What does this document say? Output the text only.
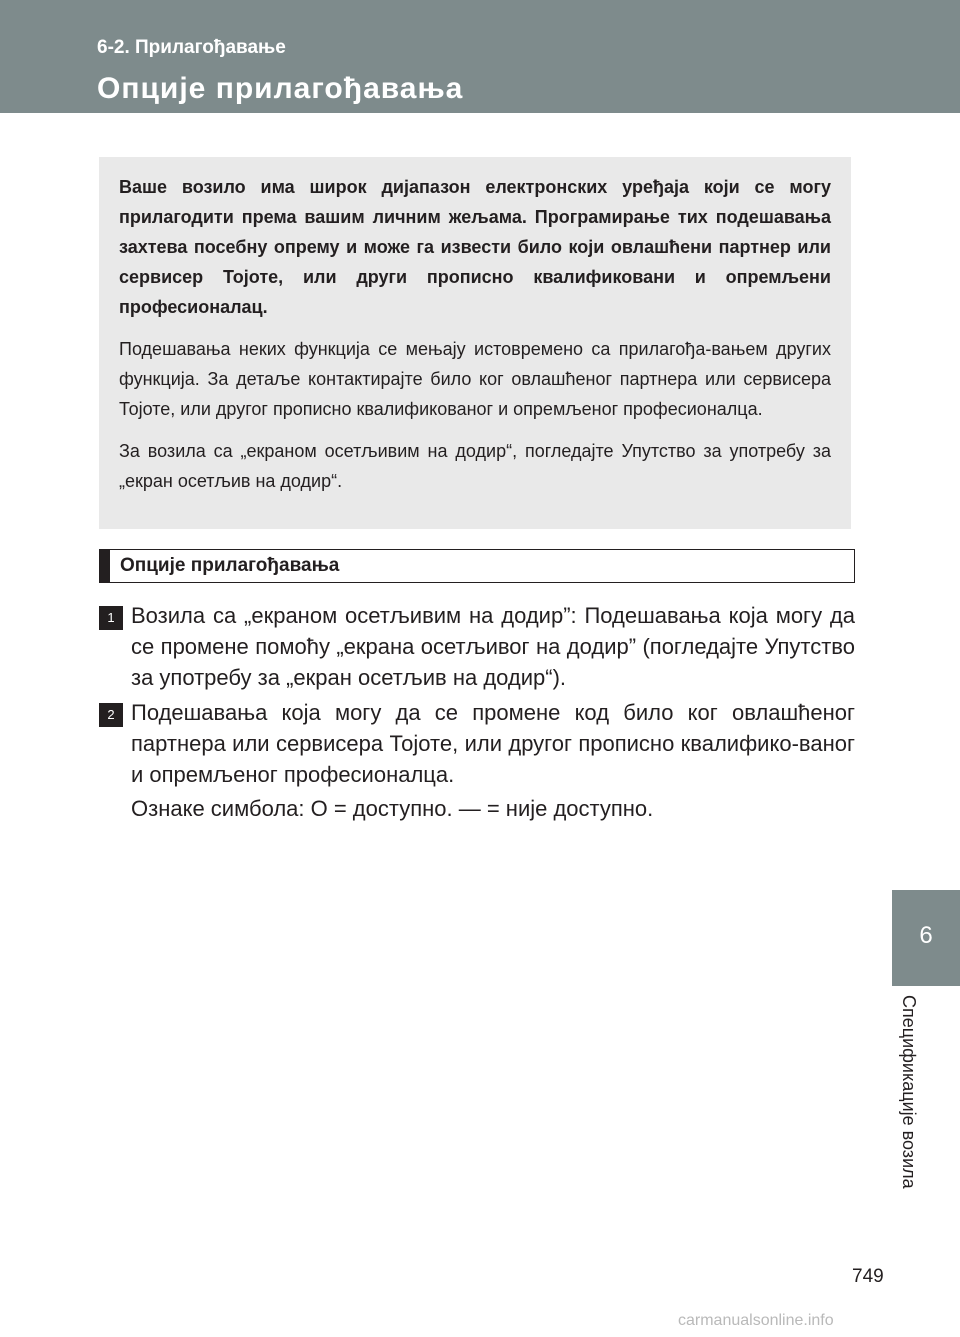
6-2. Прилагођавање

Опције прилагођавања

Ваше возило има широк дијапазон електронских уређаја који се могу прилагодити према вашим личним жељама. Програмирање тих подешавања захтева посебну опрему и може га извести било који овлашћени партнер или сервисер Тојоте, или други прописно квалификовани и опремљени професионалац.

Подешавања неких функција се мењају истовремено са прилагођа-вањем других функција. За детаље контактирајте било ког овлашћеног партнера или сервисера Тојоте, или другог прописно квалификованог и опремљеног професионалца.

За возила са „екраном осетљивим на додир“, погледајте Упутство за употребу за „екран осетљив на додир“.

Опције прилагођавања
1 Возила са „екраном осетљивим на додир”: Подешавања која могу да се промене помоћу „екрана осетљивог на додир” (погледајте Упутство за употребу за „екран осетљив на додир“).

2 Подешавања која могу да се промене код било ког овлашћеног партнера или сервисера Тојоте, или другог прописно квалифико-ваног и опремљеног професионалца.

Ознаке симбола: O = доступно. — = није доступно.

6

Спецификације возила

749

carmanualsonline.info
